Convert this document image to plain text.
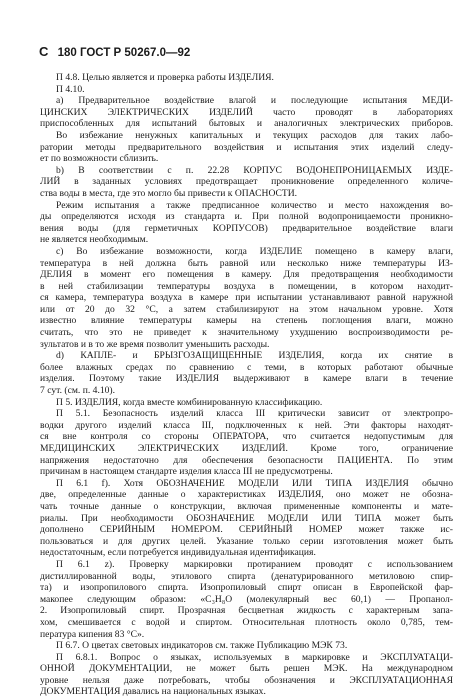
С 180 ГОСТ Р 50267.0—92
П 4.8. Целью является и проверка работы ИЗДЕЛИЯ.
П 4.10.
a) Предварительное воздействие влагой и последующие испытания МЕДИ-
ЦИНСКИХ ЭЛЕКТРИЧЕСКИХ ИЗДЕЛИЙ часто проводят в лабораториях
приспособленных для испытаний бытовых и аналогичных электрических приборов.
Во избежание ненужных капитальных и текущих расходов для таких лабо-
ратории методы предварительного воздействия и испытания этих изделий следу-
ет по возможности сблизить.
b) В соответствии с п. 22.28 КОРПУС ВОДОНЕПРОНИЦАЕМЫХ ИЗДЕ-
ЛИЙ в заданных условиях предотвращает проникновение определенного количе-
ства воды в места, где это могло бы привести к ОПАСНОСТИ.
Режим испытания а также предписанное количество и место нахождения во-
ды определяются исходя из стандарта и. При полной водопроницаемости проникно-
вения воды (для герметичных КОРПУСОВ) предварительное воздействие влаги
не является необходимым.
c) Во избежание возможности, когда ИЗДЕЛИЕ помещено в камеру влаги,
температура в ней должна быть равной или несколько ниже температуры ИЗ-
ДЕЛИЯ в момент его помещения в камеру. Для предотвращения необходимости
в ней стабилизации температуры воздуха в помещении, в котором находит-
ся камера, температура воздуха в камере при испытании устанавливают равной наружной
или от 20 до 32 °С, а затем стабилизируют на этом начальном уровне. Хотя
известно влияние температуры камеры на степень поглощения влаги, можно
считать, что это не приведет к значительному ухудшению воспроизводимости ре-
зультатов и в то же время позволит уменьшить расходы.
d) КАПЛЕ- и БРЫЗГОЗАЩИЩЕННЫЕ ИЗДЕЛИЯ, когда их снятие в
более влажных средах по сравнению с теми, в которых работают обычные
изделия. Поэтому такие ИЗДЕЛИЯ выдерживают в камере влаги в течение
7 сут. (см. п. 4.10).
П 5. ИЗДЕЛИЯ, когда вместе комбинированную классификацию.
П 5.1. Безопасность изделий класса III критически зависит от электропро-
водки другого изделий класса III, подключенных к ней. Эти факторы находят-
ся вне контроля со стороны ОПЕРАТОРА, что считается недопустимым для
МЕДИЦИНСКИХ ЭЛЕКТРИЧЕСКИХ ИЗДЕЛИЙ. Кроме того, ограничение
напряжения недостаточно для обеспечения безопасности ПАЦИЕНТА. По этим
причинам в настоящем стандарте изделия класса III не предусмотрены.
П 6.1 f). Хотя ОБОЗНАЧЕНИЕ МОДЕЛИ ИЛИ ТИПА ИЗДЕЛИЯ обычно
две, определенные данные о характеристиках ИЗДЕЛИЯ, оно может не обозна-
чать точные данные о конструкции, включая примененные компоненты и мате-
риалы. При необходимости ОБОЗНАЧЕНИЕ МОДЕЛИ ИЛИ ТИПА может быть
дополнено СЕРИЙНЫМ НОМЕРОМ. СЕРИЙНЫЙ НОМЕР может также ис-
пользоваться и для других целей. Указание только серии изготовления может быть
недостаточным, если потребуется индивидуальная идентификация.
П 6.1 z). Проверку маркировки протиранием проводят с использованием
дистиллированной воды, этилового спирта (денатурированного метиловою спир-
та) и изопропилового спирта. Изопропиловый спирт описан в Европейской фар-
макопее следующим образом: «C₃H₈O (молекулярный вес 60,1) — Пропанол-
2. Изопропиловый спирт. Прозрачная бесцветная жидкость с характерным запа-
хом, смешивается с водой и спиртом. Относительная плотность около 0,785, тем-
пература кипения 83 °С».
П 6.7. О цветах световых индикаторов см. также Публикацию МЭК 73.
П 6.8.1. Вопрос о языках, используемых в маркировке и ЭКСПЛУАТАЦИ-
ОННОЙ ДОКУМЕНТАЦИИ, не может быть решен МЭК. На международном
уровне нельзя даже потребовать, чтобы обозначения и ЭКСПЛУАТАЦИОННАЯ
ДОКУМЕНТАЦИЯ давались на национальных языках.
